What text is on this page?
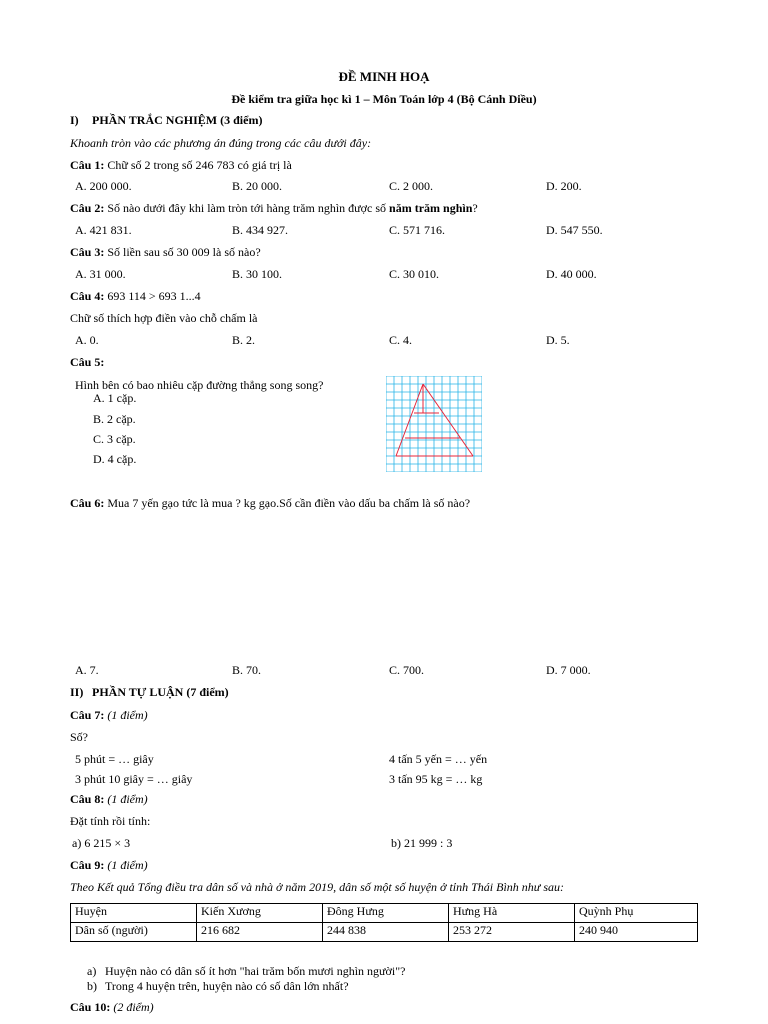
ĐỀ MINH HOẠ
Đề kiểm tra giữa học kì 1 – Môn Toán lớp 4 (Bộ Cánh Diều)
I) PHẦN TRẮC NGHIỆM (3 điểm)
Khoanh tròn vào các phương án đúng trong các câu dưới đây:
Câu 1: Chữ số 2 trong số 246 783 có giá trị là
A. 200 000.	B. 20 000.	C. 2 000.	D. 200.
Câu 2: Số nào dưới đây khi làm tròn tới hàng trăm nghìn được số năm trăm nghìn?
A. 421 831.	B. 434 927.	C. 571 716.	D. 547 550.
Câu 3: Số liền sau số 30 009 là số nào?
A. 31 000.	B. 30 100.	C. 30 010.	D. 40 000.
Câu 4: 693 114 > 693 1...4
Chữ số thích hợp điền vào chỗ chấm là
A. 0.	B. 2.	C. 4.	D. 5.
Câu 5:
Hình bên có bao nhiêu cặp đường thẳng song song?
A. 1 cặp.
B. 2 cặp.
C. 3 cặp.
D. 4 cặp.
Câu 6: Mua 7 yến gạo tức là mua ? kg gạo.Số cần điền vào dấu ba chấm là số nào?
A. 7.	B. 70.	C. 700.	D. 7 000.
II) PHẦN TỰ LUẬN (7 điểm)
Câu 7: (1 điểm)
Số?
5 phút = … giây	4 tấn 5 yến = … yến
3 phút 10 giây = … giây	3 tấn 95 kg = … kg
Câu 8: (1 điểm)
Đặt tính rồi tính:
a) 6 215 × 3	b) 21 999 : 3
Câu 9: (1 điểm)
Theo Kết quả Tổng điều tra dân số và nhà ở năm 2019, dân số một số huyện ở tỉnh Thái Bình như sau:
Huyện	Kiến Xương	Đông Hưng	Hưng Hà	Quỳnh Phụ
Dân số (người)	216 682	244 838	253 272	240 940
a) Huyện nào có dân số ít hơn "hai trăm bốn mươi nghìn người"?
b) Trong 4 huyện trên, huyện nào có số dân lớn nhất?
Câu 10: (2 điểm)
